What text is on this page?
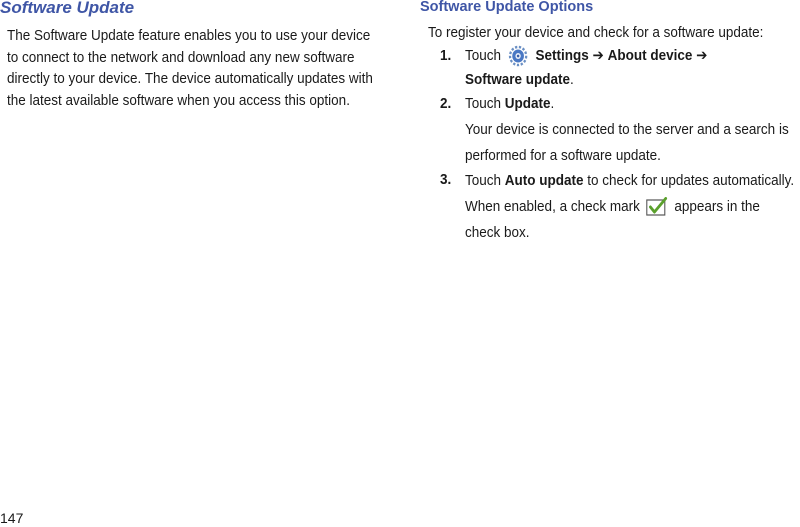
Software Update

The Software Update feature enables you to use your device to connect to the network and download any new software directly to your device. The device automatically updates with the latest available software when you access this option.

Software Update Options

To register your device and check for a software update:

1. Touch Settings ➔ About device ➔
Software update.
2. Touch Update.
Your device is connected to the server and a search is performed for a software update.
3. Touch Auto update to check for updates automatically.
When enabled, a check mark appears in the check box.

147
